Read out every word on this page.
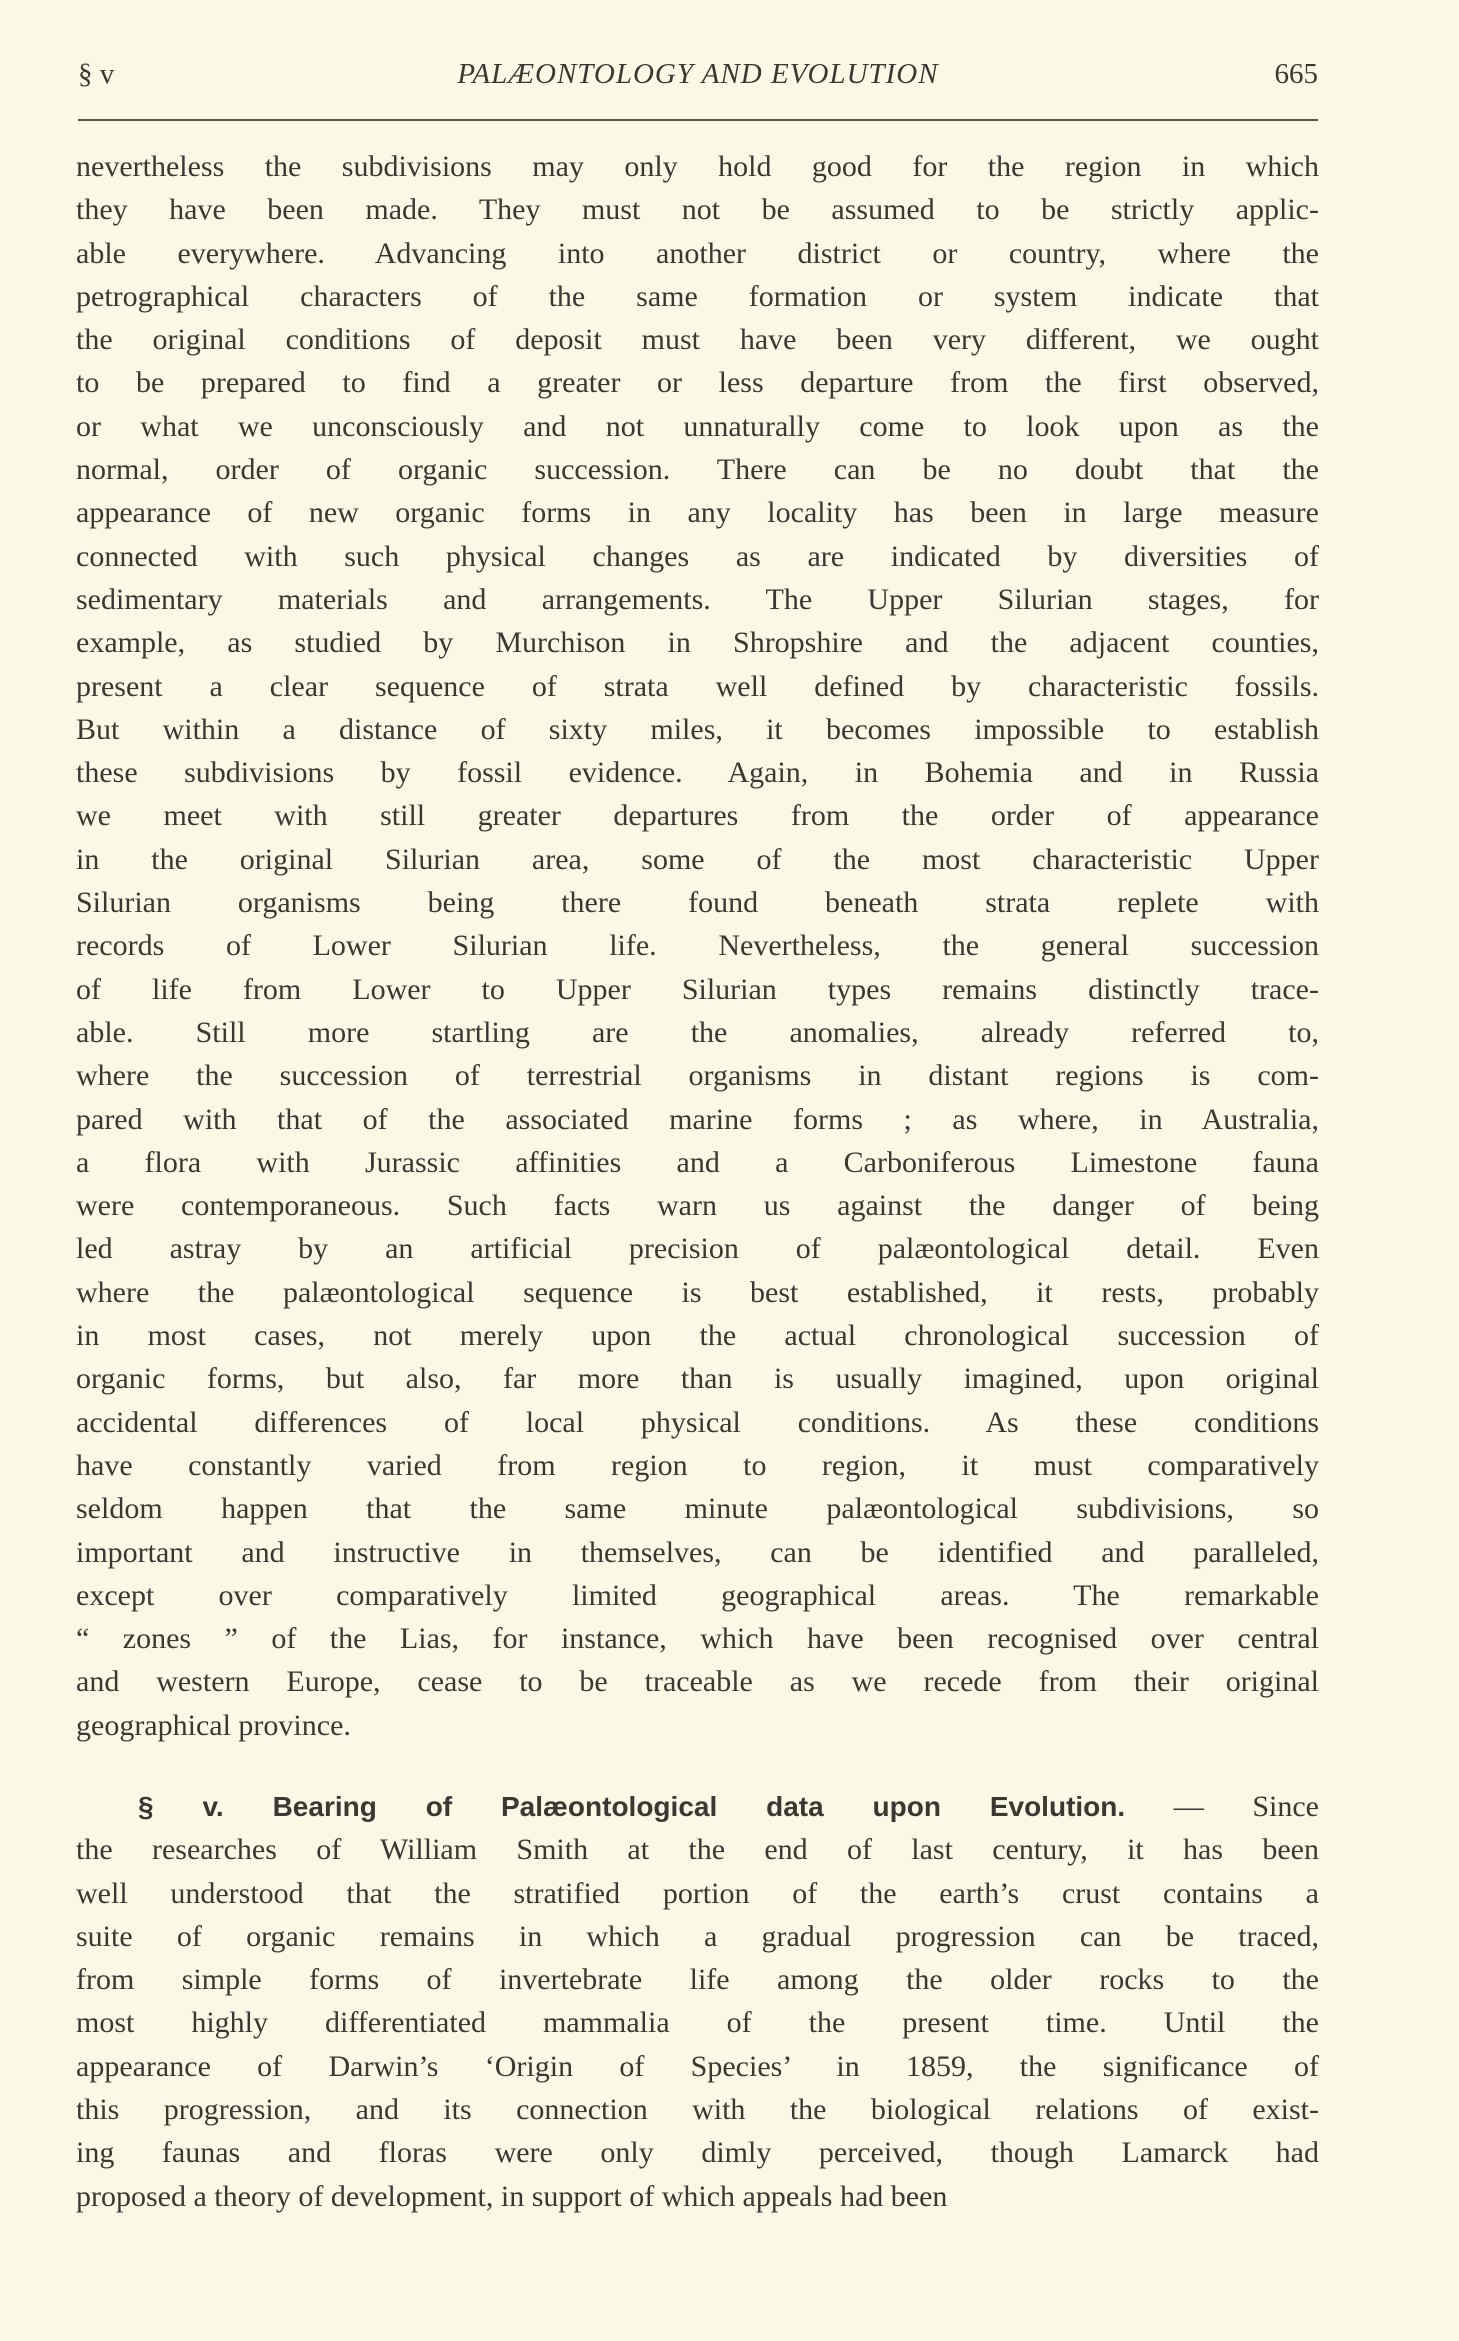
§ v	PALÆONTOLOGY AND EVOLUTION	665
nevertheless the subdivisions may only hold good for the region in which
they have been made. They must not be assumed to be strictly applic-
able everywhere. Advancing into another district or country, where the
petrographical characters of the same formation or system indicate that
the original conditions of deposit must have been very different, we ought
to be prepared to find a greater or less departure from the first observed,
or what we unconsciously and not unnaturally come to look upon as the
normal, order of organic succession. There can be no doubt that the
appearance of new organic forms in any locality has been in large measure
connected with such physical changes as are indicated by diversities of
sedimentary materials and arrangements. The Upper Silurian stages, for
example, as studied by Murchison in Shropshire and the adjacent counties,
present a clear sequence of strata well defined by characteristic fossils.
But within a distance of sixty miles, it becomes impossible to establish
these subdivisions by fossil evidence. Again, in Bohemia and in Russia
we meet with still greater departures from the order of appearance
in the original Silurian area, some of the most characteristic Upper
Silurian organisms being there found beneath strata replete with
records of Lower Silurian life. Nevertheless, the general succession
of life from Lower to Upper Silurian types remains distinctly trace-
able. Still more startling are the anomalies, already referred to,
where the succession of terrestrial organisms in distant regions is com-
pared with that of the associated marine forms ; as where, in Australia,
a flora with Jurassic affinities and a Carboniferous Limestone fauna
were contemporaneous. Such facts warn us against the danger of being
led astray by an artificial precision of palæontological detail. Even
where the palæontological sequence is best established, it rests, probably
in most cases, not merely upon the actual chronological succession of
organic forms, but also, far more than is usually imagined, upon original
accidental differences of local physical conditions. As these conditions
have constantly varied from region to region, it must comparatively
seldom happen that the same minute palæontological subdivisions, so
important and instructive in themselves, can be identified and paralleled,
except over comparatively limited geographical areas. The remarkable
“ zones ” of the Lias, for instance, which have been recognised over central
and western Europe, cease to be traceable as we recede from their original
geographical province.
§ v. Bearing of Palæontological data upon Evolution. — Since
the researches of William Smith at the end of last century, it has been
well understood that the stratified portion of the earth’s crust contains a
suite of organic remains in which a gradual progression can be traced,
from simple forms of invertebrate life among the older rocks to the
most highly differentiated mammalia of the present time. Until the
appearance of Darwin’s ‘Origin of Species’ in 1859, the significance of
this progression, and its connection with the biological relations of exist-
ing faunas and floras were only dimly perceived, though Lamarck had
proposed a theory of development, in support of which appeals had been
